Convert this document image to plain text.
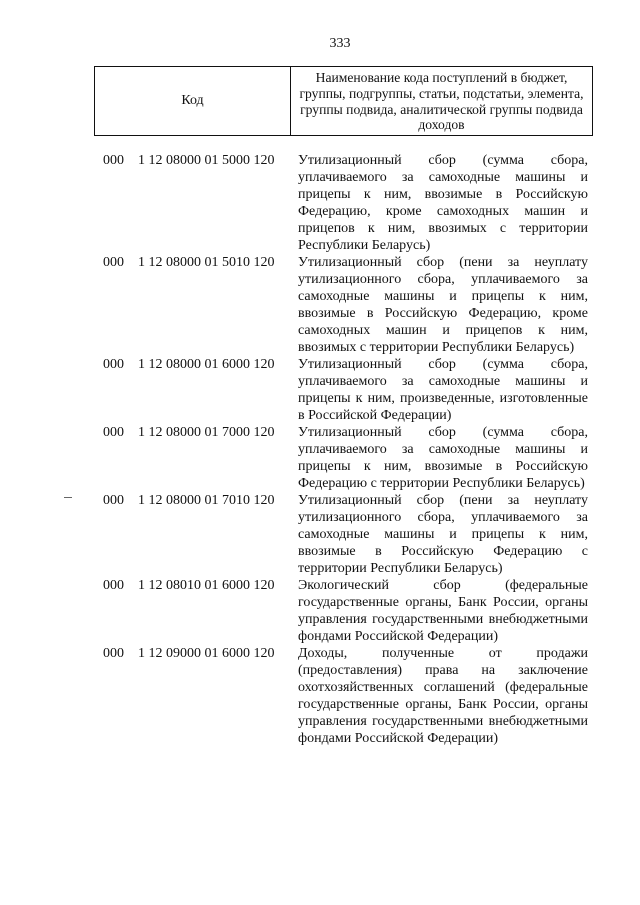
333
Код
Наименование кода поступлений в бюджет, группы, подгруппы, статьи, подстатьи, элемента, группы подвида, аналитической группы подвида доходов
000	1 12 08000 01 5000 120	Утилизационный сбор (сумма сбора, уплачиваемого за самоходные машины и прицепы к ним, ввозимые в Российскую Федерацию, кроме самоходных машин и прицепов к ним, ввозимых с территории Республики Беларусь)
000	1 12 08000 01 5010 120	Утилизационный сбор (пени за неуплату утилизационного сбора, уплачиваемого за самоходные машины и прицепы к ним, ввозимые в Российскую Федерацию, кроме самоходных машин и прицепов к ним, ввозимых с территории Республики Беларусь)
000	1 12 08000 01 6000 120	Утилизационный сбор (сумма сбора, уплачиваемого за самоходные машины и прицепы к ним, произведенные, изготовленные в Российской Федерации)
000	1 12 08000 01 7000 120	Утилизационный сбор (сумма сбора, уплачиваемого за самоходные машины и прицепы к ним, ввозимые в Российскую Федерацию с территории Республики Беларусь)
000	1 12 08000 01 7010 120	Утилизационный сбор (пени за неуплату утилизационного сбора, уплачиваемого за самоходные машины и прицепы к ним, ввозимые в Российскую Федерацию с территории Республики Беларусь)
000	1 12 08010 01 6000 120	Экологический сбор (федеральные государственные органы, Банк России, органы управления государственными внебюджетными фондами Российской Федерации)
000	1 12 09000 01 6000 120	Доходы, полученные от продажи (предоставления) права на заключение охотхозяйственных соглашений (федеральные государственные органы, Банк России, органы управления государственными внебюджетными фондами Российской Федерации)
